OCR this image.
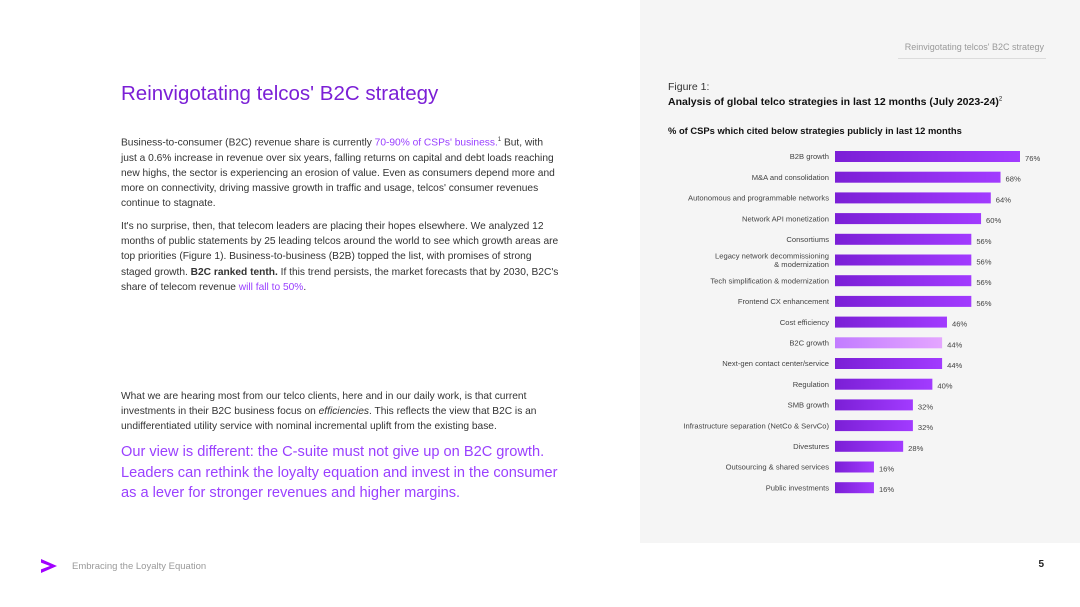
Reinvigotating telcos' B2C strategy
Reinvigotating telcos' B2C strategy

Business-to-consumer (B2C) revenue share is currently 70-90% of CSPs' business.$^1$ But, with just a 0.6% increase in revenue over six years, falling returns on capital and debt loads reaching new highs, the sector is experiencing an erosion of value. Even as consumers depend more and more on connectivity, driving massive growth in traffic and usage, telcos' consumer revenues continue to stagnate.

It's no surprise, then, that telecom leaders are placing their hopes elsewhere. We analyzed 12 months of public statements by 25 leading telcos around the world to see which growth areas are top priorities (Figure 1). Business-to-business (B2B) topped the list, with promises of strong staged growth. B2C ranked tenth. If this trend persists, the market forecasts that by 2030, B2C's share of telecom revenue will fall to 50%.

What we are hearing most from our telco clients, here and in our daily work, is that current investments in their B2C business focus on efficiencies. This reflects the view that B2C is an undifferentiated utility service with nominal incremental uplift from the existing base.

Our view is different: the C-suite must not give up on B2C growth. Leaders can rethink the loyalty equation and invest in the consumer as a lever for stronger revenues and higher margins.

Figure 1:
Analysis of global telco strategies in last 12 months (July 2023-24)$^2$
% of CSPs which cited below strategies publicly in last 12 months
B2B growth	76%
M&A and consolidation	68%
Autonomous and programmable networks	64%
Network API monetization	60%
Consortiums	56%
Legacy network decommissioning & modernization	56%
Tech simplification & modernization	56%
Frontend CX enhancement	56%
Cost efficiency	46%
B2C growth	44%
Next-gen contact center/service	44%
Regulation	40%
SMB growth	32%
Infrastructure separation (NetCo & ServCo)	32%
Divestures	28%
Outsourcing & shared services	16%
Public investments	16%
Embracing the Loyalty Equation	5
